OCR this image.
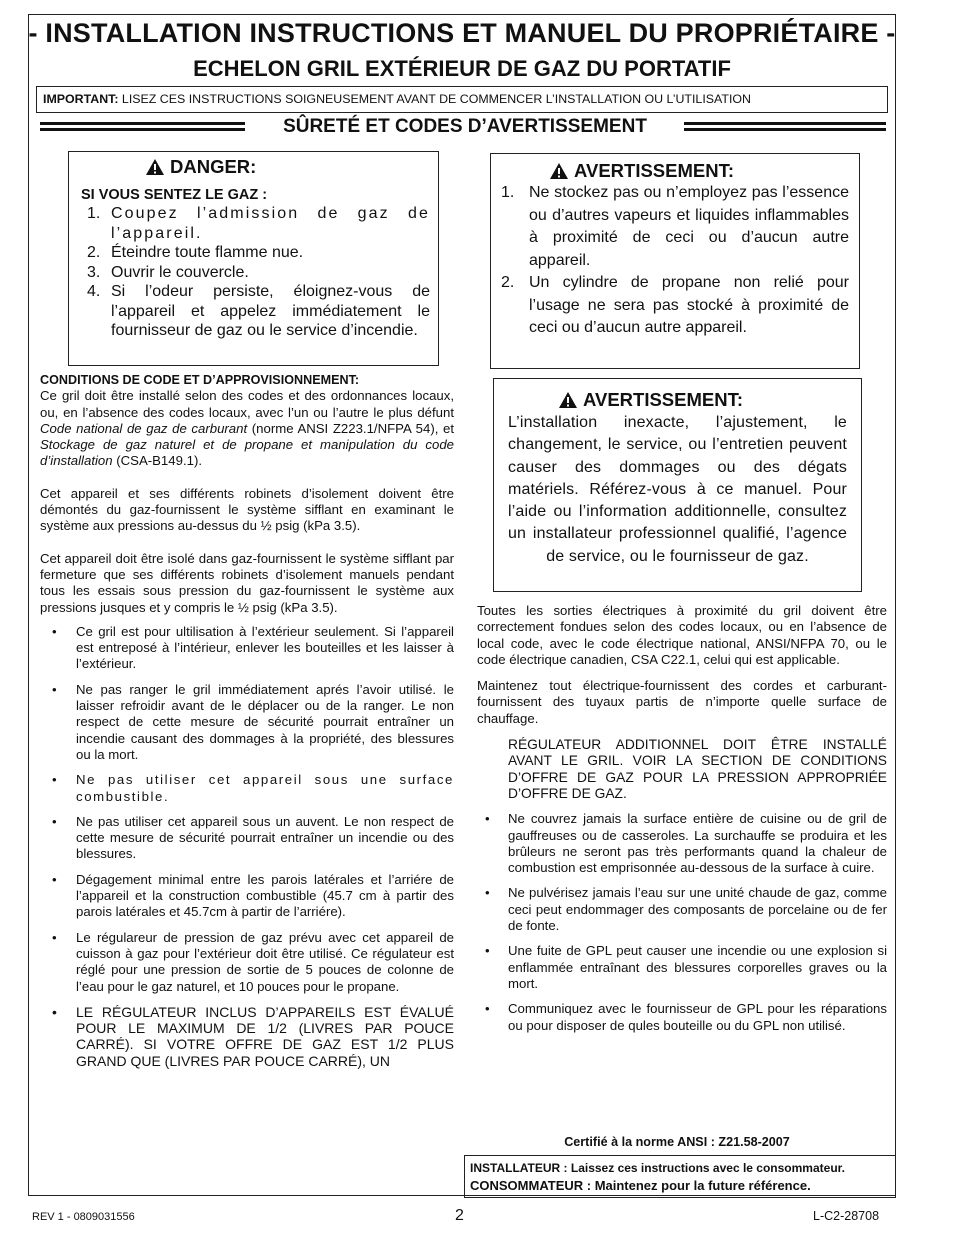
- INSTALLATION INSTRUCTIONS ET MANUEL DU PROPRIÉTAIRE -
ECHELON GRIL EXTÉRIEUR DE GAZ DU PORTATIF
IMPORTANT: LISEZ CES INSTRUCTIONS SOIGNEUSEMENT AVANT DE COMMENCER L’INSTALLATION OU L’UTILISATION
SÛRETÉ ET CODES D’AVERTISSEMENT
DANGER:
SI VOUS SENTEZ LE GAZ :
1. Coupez l’admission de gaz de l’appareil.
2. Éteindre toute flamme nue.
3. Ouvrir le couvercle.
4. Si l’odeur persiste, éloignez-vous de l’appareil et appelez immédiatement le fournisseur de gaz ou le service d’incendie.
AVERTISSEMENT:
1. Ne stockez pas ou n’employez pas l’essence ou d’autres vapeurs et liquides inflammables à proximité de ceci ou d’aucun autre appareil.
2. Un cylindre de propane non relié pour l’usage ne sera pas stocké à proximité de ceci ou d’aucun autre appareil.
AVERTISSEMENT:
L’installation inexacte, l’ajustement, le changement, le service, ou l’entretien peuvent causer des dommages ou des dégats matériels. Référez-vous à ce manuel. Pour l’aide ou l’information additionnelle, consultez un installateur professionnel qualifié, l’agence de service, ou le fournisseur de gaz.

CONDITIONS DE CODE ET D’APPROVISIONNEMENT:
Ce gril doit être installé selon des codes et des ordonnances locaux, ou, en l’absence des codes locaux, avec l’un ou l’autre le plus défunt Code national de gaz de carburant (norme ANSI Z223.1/NFPA 54), et Stockage de gaz naturel et de propane et manipulation du code d’installation (CSA-B149.1).

Cet appareil et ses différents robinets d’isolement doivent être démontés du gaz-fournissent le système sifflant en examinant le système aux pressions au-dessus du ½ psig (kPa 3.5).

Cet appareil doit être isolé dans gaz-fournissent le système sifflant par fermeture que ses différents robinets d’isolement manuels pendant tous les essais sous pression du gaz-fournissent le système aux pressions jusques et y compris le ½ psig (kPa 3.5).

•	Ce gril est pour ultilisation à l’extérieur seulement. Si l’appareil est entreposé à l’intérieur, enlever les bouteilles et les laisser à l’extérieur.
•	Ne pas ranger le gril immédiatement aprés l’avoir utilisé. le laisser refroidir avant de le déplacer ou de la ranger. Le non respect de cette mesure de sécurité pourrait entraîner un incendie causant des dommages à la propriété, des blessures ou la mort.
•	Ne pas utiliser cet appareil sous une surface combustible.
•	Ne pas utiliser cet appareil sous un auvent. Le non respect de cette mesure de sécurité pourrait entraîner un incendie ou des blessures.
•	Dégagement minimal entre les parois latérales et l’arriére de l’appareil et la construction combustible (45.7 cm à partir des parois latérales et 45.7cm à partir de l’arriére).
•	Le régulareur de pression de gaz prévu avec cet appareil de cuisson à gaz pour l’extérieur doit être utilisé. Ce régulateur est réglé pour une pression de sortie de 5 pouces de colonne de l’eau pour le gaz naturel, et 10 pouces pour le propane.
•	LE RÉGULATEUR INCLUS D’APPAREILS EST ÉVALUÉ POUR LE MAXIMUM DE 1/2 (LIVRES PAR POUCE CARRÉ). SI VOTRE OFFRE DE GAZ EST 1/2 PLUS GRAND QUE (LIVRES PAR POUCE CARRÉ), UN

Toutes les sorties électriques à proximité du gril doivent être correctement fondues selon des codes locaux, ou en l’absence de local code, avec le code électrique national, ANSI/NFPA 70, ou le code électrique canadien, CSA C22.1, celui qui est applicable.

Maintenez tout électrique-fournissent des cordes et carburant-fournissent des tuyaux partis de n’importe quelle surface de chauffage.

RÉGULATEUR ADDITIONNEL DOIT ÊTRE INSTALLÉ AVANT LE GRIL. VOIR LA SECTION DE CONDITIONS D’OFFRE DE GAZ POUR LA PRESSION APPROPRIÉE D’OFFRE DE GAZ.

•	Ne couvrez jamais la surface entière de cuisine ou de gril de gauffreuses ou de casseroles. La surchauffe se produira et les brûleurs ne seront pas très performants quand la chaleur de combustion est emprisonnée au-dessous de la surface à cuire.
•	Ne pulvérisez jamais l’eau sur une unité chaude de gaz, comme ceci peut endommager des composants de porcelaine ou de fer de fonte.
•	Une fuite de GPL peut causer une incendie ou une explosion si enflammée entraînant des blessures corporelles graves ou la mort.
•	Communiquez avec le fournisseur de GPL pour les réparations ou pour disposer de qules bouteille ou du GPL non utilisé.
Certifié à la norme ANSI : Z21.58-2007
INSTALLATEUR : Laissez ces instructions avec le consommateur.
CONSOMMATEUR : Maintenez pour la future référence.
REV 1 - 0809031556	2	L-C2-28708
